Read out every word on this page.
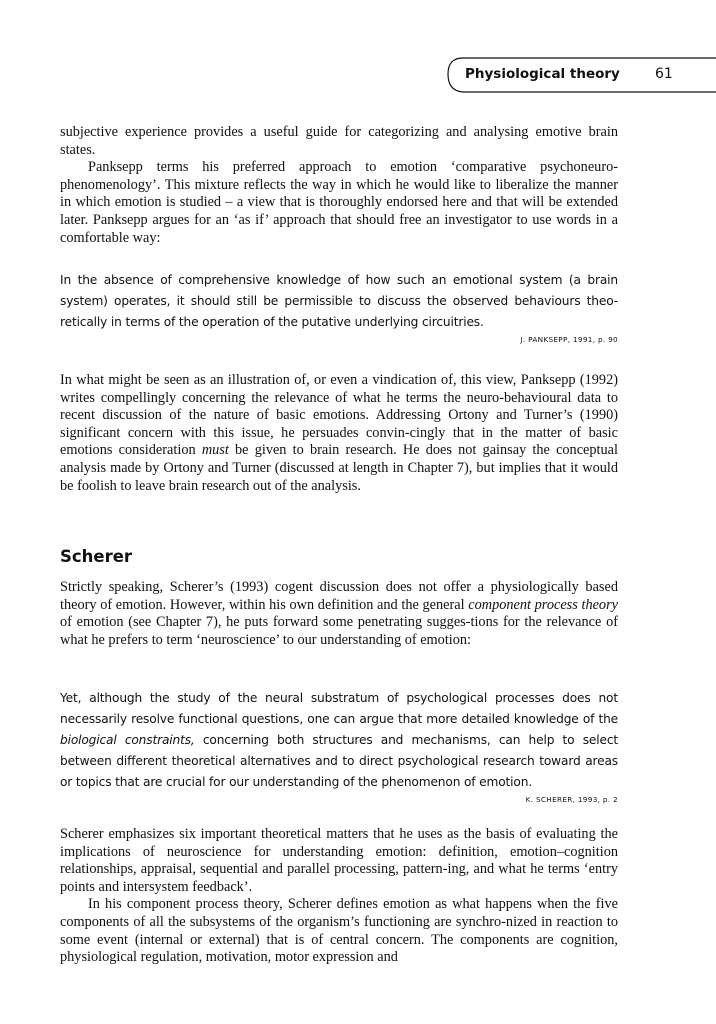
Physiological theory	61

subjective experience provides a useful guide for categorizing and analysing emotive brain states.

Panksepp terms his preferred approach to emotion ‘comparative psychoneuro-phenomenology’. This mixture reflects the way in which he would like to liberalize the manner in which emotion is studied – a view that is thoroughly endorsed here and that will be extended later. Panksepp argues for an ‘as if’ approach that should free an investigator to use words in a comfortable way:

In the absence of comprehensive knowledge of how such an emotional system (a brain system) operates, it should still be permissible to discuss the observed behaviours theo-retically in terms of the operation of the putative underlying circuitries.

J. PANKSEPP, 1991, p. 90

In what might be seen as an illustration of, or even a vindication of, this view, Panksepp (1992) writes compellingly concerning the relevance of what he terms the neuro-behavioural data to recent discussion of the nature of basic emotions. Addressing Ortony and Turner’s (1990) significant concern with this issue, he persuades convin-cingly that in the matter of basic emotions consideration must be given to brain research. He does not gainsay the conceptual analysis made by Ortony and Turner (discussed at length in Chapter 7), but implies that it would be foolish to leave brain research out of the analysis.

Scherer

Strictly speaking, Scherer’s (1993) cogent discussion does not offer a physiologically based theory of emotion. However, within his own definition and the general component process theory of emotion (see Chapter 7), he puts forward some penetrating sugges-tions for the relevance of what he prefers to term ‘neuroscience’ to our understanding of emotion:

Yet, although the study of the neural substratum of psychological processes does not necessarily resolve functional questions, one can argue that more detailed knowledge of the biological constraints, concerning both structures and mechanisms, can help to select between different theoretical alternatives and to direct psychological research toward areas or topics that are crucial for our understanding of the phenomenon of emotion.

K. SCHERER, 1993, p. 2

Scherer emphasizes six important theoretical matters that he uses as the basis of evaluating the implications of neuroscience for understanding emotion: definition, emotion–cognition relationships, appraisal, sequential and parallel processing, pattern-ing, and what he terms ‘entry points and intersystem feedback’.

In his component process theory, Scherer defines emotion as what happens when the five components of all the subsystems of the organism’s functioning are synchro-nized in reaction to some event (internal or external) that is of central concern. The components are cognition, physiological regulation, motivation, motor expression and
